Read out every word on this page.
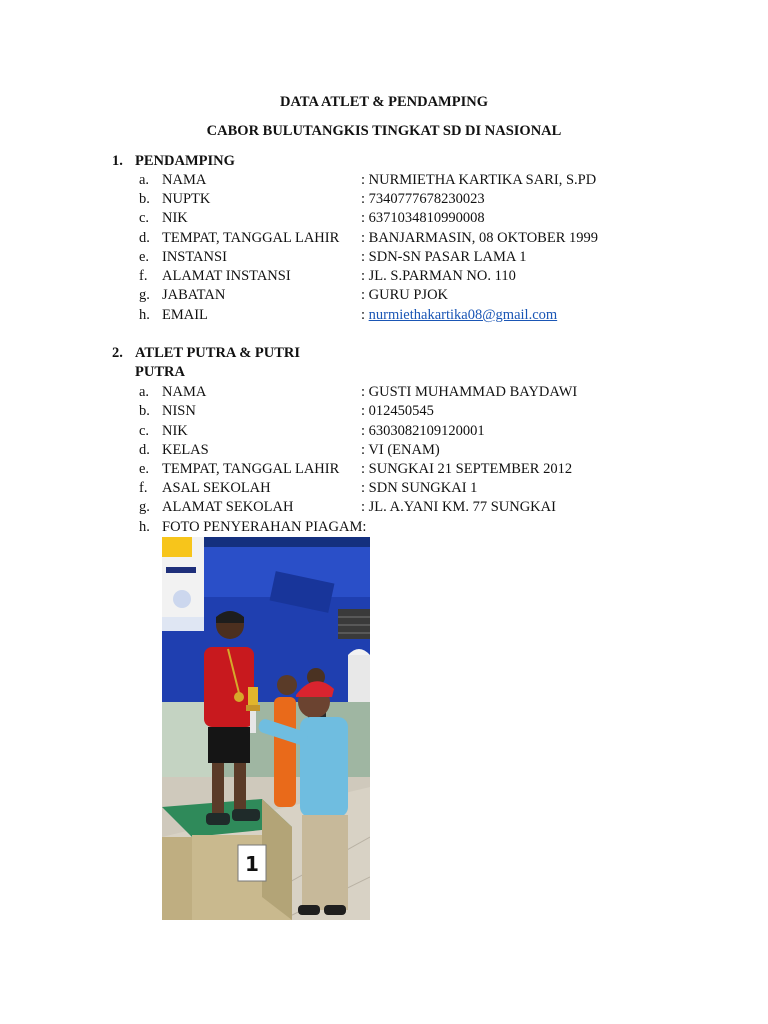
DATA ATLET & PENDAMPING
CABOR BULUTANGKIS TINGKAT SD DI NASIONAL
1. PENDAMPING
a. NAMA	: NURMIETHA KARTIKA SARI, S.PD
b. NUPTK	: 7340777678230023
c. NIK	: 6371034810990008
d. TEMPAT, TANGGAL LAHIR : BANJARMASIN, 08 OKTOBER 1999
e. INSTANSI	: SDN-SN PASAR LAMA 1
f.	ALAMAT INSTANSI	: JL. S.PARMAN NO. 110
g. JABATAN	: GURU PJOK
h. EMAIL	: nurmiethakartika08@gmail.com
2. ATLET PUTRA & PUTRI
PUTRA
a. NAMA	: GUSTI MUHAMMAD BAYDAWI
b. NISN	: 012450545
c. NIK	: 6303082109120001
d. KELAS	: VI (ENAM)
e. TEMPAT, TANGGAL LAHIR : SUNGKAI 21 SEPTEMBER 2012
f.	ASAL SEKOLAH	: SDN SUNGKAI 1
g. ALAMAT SEKOLAH	: JL. A.YANI KM. 77 SUNGKAI
h. FOTO PENYERAHAN PIAGAM:
1
